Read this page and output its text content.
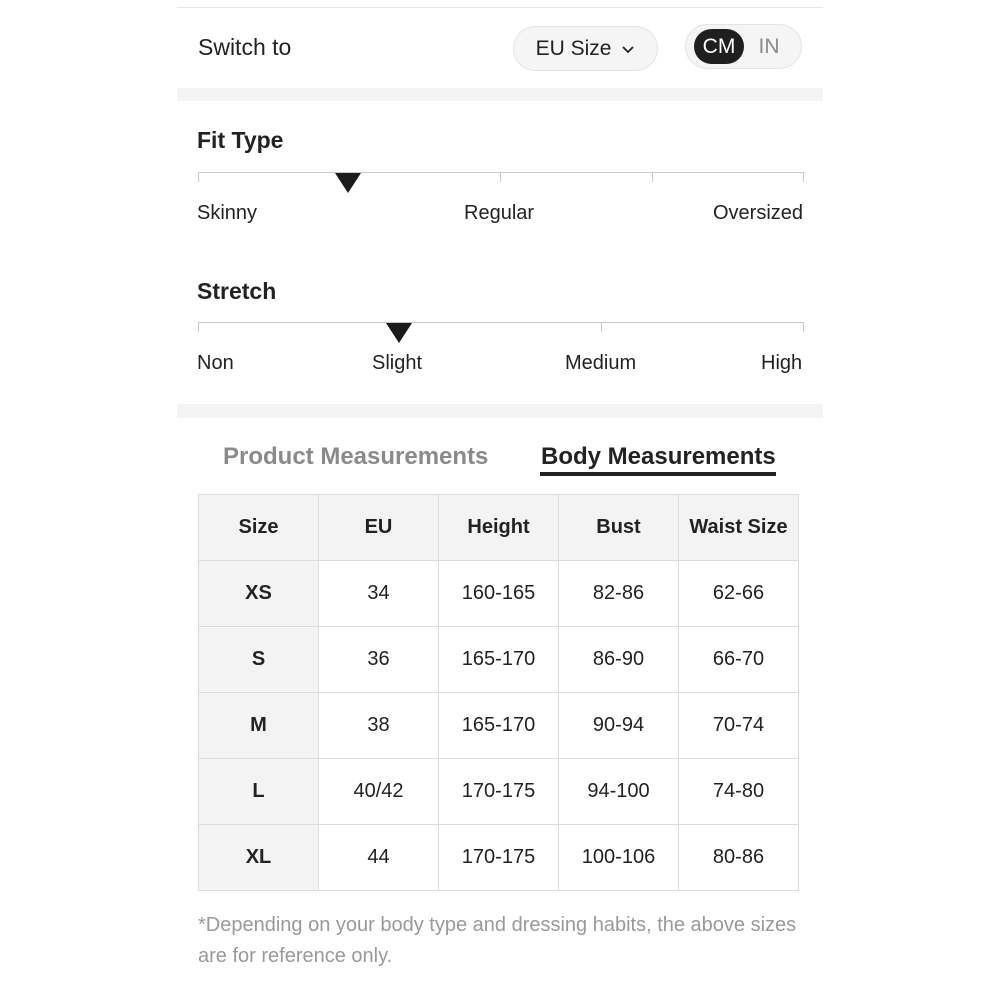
Switch to	EU Size	CM	IN
Fit Type
Skinny	Regular	Oversized
Stretch
Non	Slight	Medium	High
Product Measurements Body Measurements
Size	EU	Height	Bust	Waist Size
XS	34	160-165	82-86	62-66
S	36	165-170	86-90	66-70
M	38	165-170	90-94	70-74
L	40/42	170-175	94-100	74-80
XL	44	170-175	100-106	80-86

*Depending on your body type and dressing habits, the above sizes are for reference only.
